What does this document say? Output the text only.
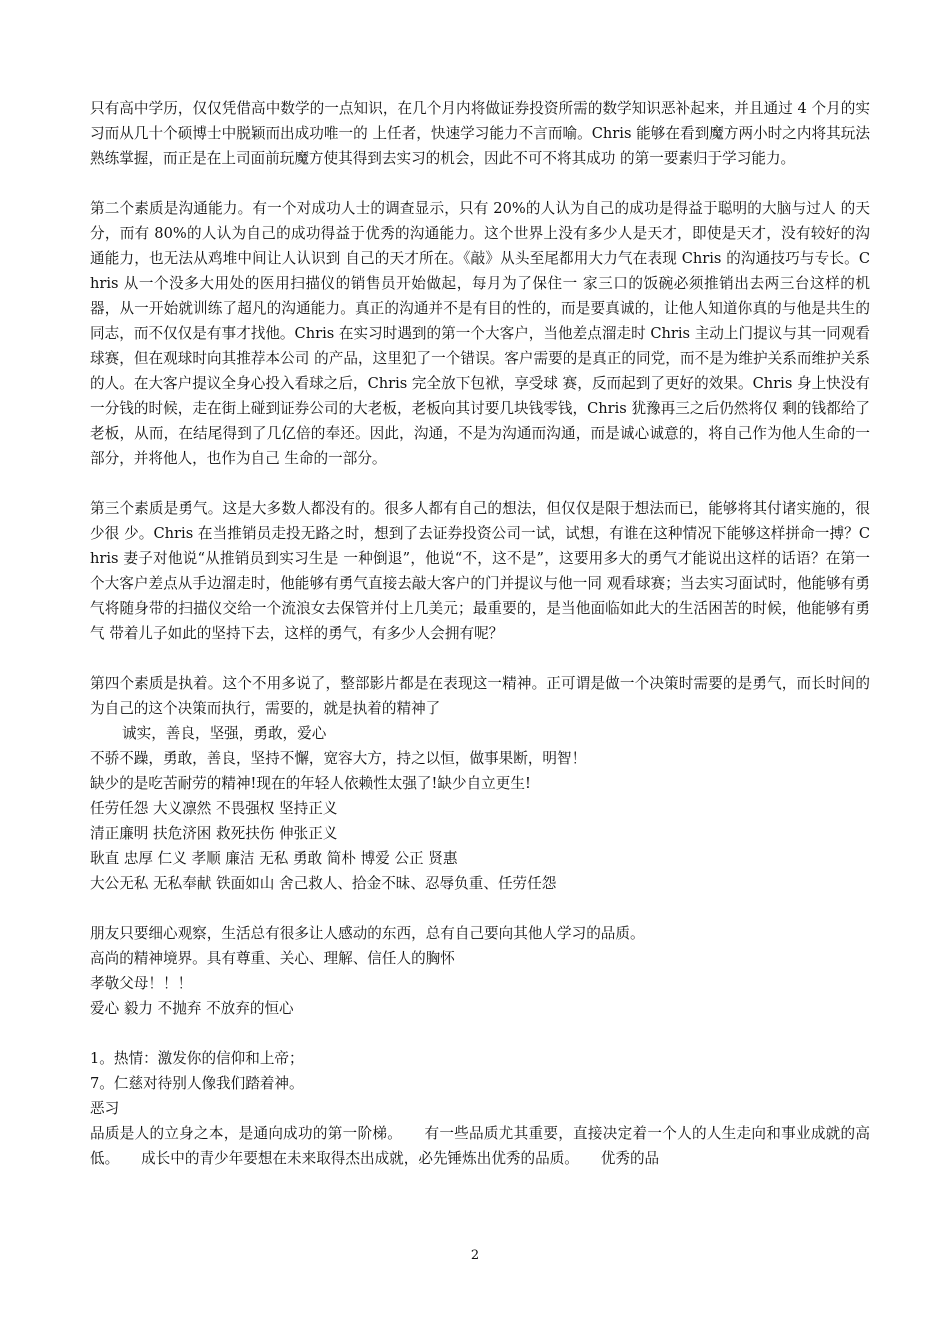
只有高中学历，仅仅凭借高中数学的一点知识，在几个月内将做证券投资所需的数学知识恶补起来，并且通过 4 个月的实习而从几十个硕博士中脱颖而出成功唯一的 上任者，快速学习能力不言而喻。Chris 能够在看到魔方两小时之内将其玩法熟练掌握，而正是在上司面前玩魔方使其得到去实习的机会，因此不可不将其成功 的第一要素归于学习能力。

第二个素质是沟通能力。有一个对成功人士的调查显示，只有 20%的人认为自己的成功是得益于聪明的大脑与过人 的天分，而有 80%的人认为自己的成功得益于优秀的沟通能力。这个世界上没有多少人是天才，即使是天才，没有较好的沟通能力，也无法从鸡堆中间让人认识到 自己的天才所在。《敲》从头至尾都用大力气在表现 Chris 的沟通技巧与专长。Chris 从一个没多大用处的医用扫描仪的销售员开始做起，每月为了保住一 家三口的饭碗必须推销出去两三台这样的机器，从一开始就训练了超凡的沟通能力。真正的沟通并不是有目的性的，而是要真诚的，让他人知道你真的与他是共生的 同志，而不仅仅是有事才找他。Chris 在实习时遇到的第一个大客户，当他差点溜走时 Chris 主动上门提议与其一同观看球赛，但在观球时向其推荐本公司 的产品，这里犯了一个错误。客户需要的是真正的同党，而不是为维护关系而维护关系的人。在大客户提议全身心投入看球之后，Chris 完全放下包袱，享受球 赛，反而起到了更好的效果。Chris 身上快没有一分钱的时候，走在街上碰到证券公司的大老板，老板向其讨要几块钱零钱，Chris 犹豫再三之后仍然将仅 剩的钱都给了老板，从而，在结尾得到了几亿倍的奉还。因此，沟通，不是为沟通而沟通，而是诚心诚意的，将自己作为他人生命的一部分，并将他人，也作为自己 生命的一部分。

第三个素质是勇气。这是大多数人都没有的。很多人都有自己的想法，但仅仅是限于想法而已，能够将其付诸实施的，很少很 少。Chris 在当推销员走投无路之时，想到了去证券投资公司一试，试想，有谁在这种情况下能够这样拼命一搏？Chris 妻子对他说“从推销员到实习生是 一种倒退”，他说“不，这不是”，这要用多大的勇气才能说出这样的话语？在第一个大客户差点从手边溜走时，他能够有勇气直接去敲大客户的门并提议与他一同 观看球赛；当去实习面试时，他能够有勇气将随身带的扫描仪交给一个流浪女去保管并付上几美元；最重要的，是当他面临如此大的生活困苦的时候，他能够有勇气 带着儿子如此的坚持下去，这样的勇气，有多少人会拥有呢？

第四个素质是执着。这个不用多说了，整部影片都是在表现这一精神。正可谓是做一个决策时需要的是勇气，而长时间的为自己的这个决策而执行，需要的，就是执着的精神了

诚实，善良，坚强，勇敢，爱心

不骄不躁，勇敢，善良，坚持不懈，宽容大方，持之以恒，做事果断，明智！

缺少的是吃苦耐劳的精神!现在的年轻人依赖性太强了!缺少自立更生!

任劳任怨 大义凛然 不畏强权 坚持正义

清正廉明 扶危济困 救死扶伤 伸张正义

耿直 忠厚 仁义 孝顺 廉洁 无私 勇敢 简朴 博爱 公正 贤惠

大公无私 无私奉献 铁面如山 舍己救人、拾金不昧、忍辱负重、任劳任怨

朋友只要细心观察，生活总有很多让人感动的东西，总有自己要向其他人学习的品质。

高尚的精神境界。具有尊重、关心、理解、信任人的胸怀

孝敬父母！！！

爱心 毅力 不抛弃 不放弃的恒心

1。热情：激发你的信仰和上帝；

7。仁慈对待别人像我们踏着神。

恶习

品质是人的立身之本，是通向成功的第一阶梯。　　有一些品质尤其重要，直接决定着一个人的人生走向和事业成就的高低。　　成长中的青少年要想在未来取得杰出成就，必先锤炼出优秀的品质。　　优秀的品

2
